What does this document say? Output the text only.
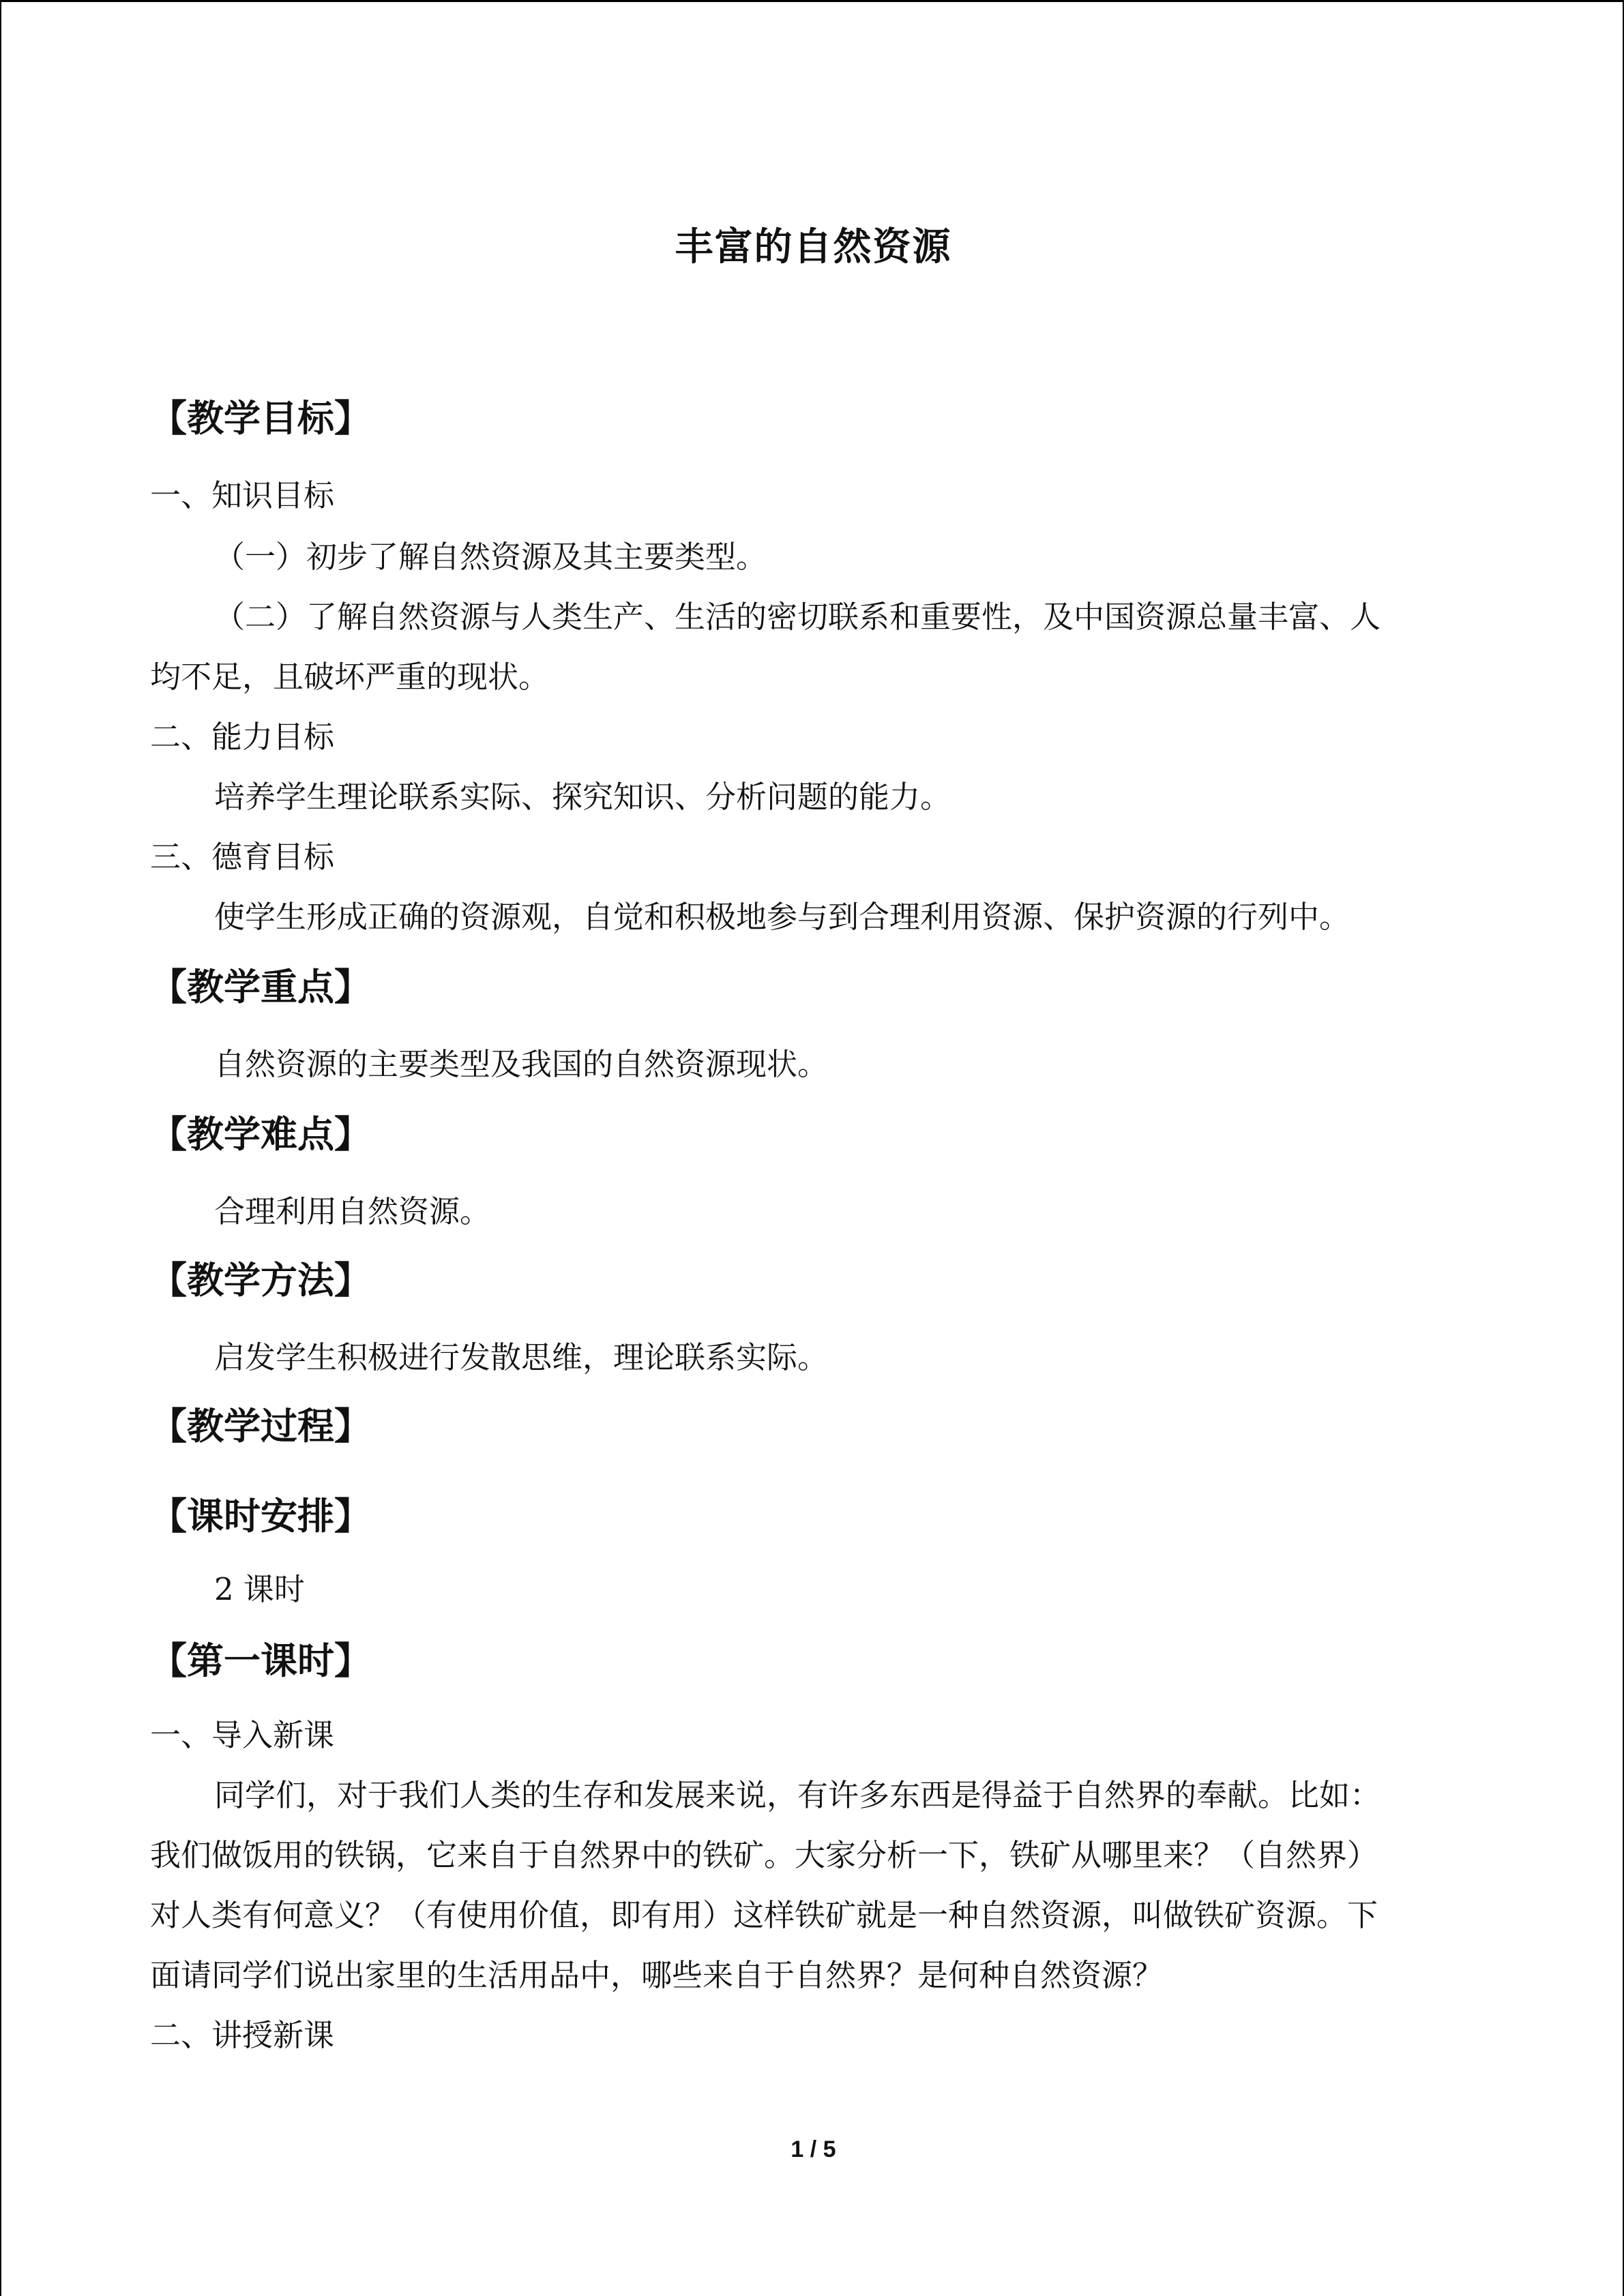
丰富的自然资源
【教学目标】
一、知识目标
（一）初步了解自然资源及其主要类型。
（二）了解自然资源与人类生产、生活的密切联系和重要性，及中国资源总量丰富、人
均不足，且破坏严重的现状。
二、能力目标
培养学生理论联系实际、探究知识、分析问题的能力。
三、德育目标
使学生形成正确的资源观，自觉和积极地参与到合理利用资源、保护资源的行列中。
【教学重点】
自然资源的主要类型及我国的自然资源现状。
【教学难点】
合理利用自然资源。
【教学方法】
启发学生积极进行发散思维，理论联系实际。
【教学过程】
【课时安排】
2 课时
【第一课时】
一、导入新课
同学们，对于我们人类的生存和发展来说，有许多东西是得益于自然界的奉献。比如：
我们做饭用的铁锅，它来自于自然界中的铁矿。大家分析一下，铁矿从哪里来？（自然界）
对人类有何意义？（有使用价值，即有用）这样铁矿就是一种自然资源，叫做铁矿资源。下
面请同学们说出家里的生活用品中，哪些来自于自然界？是何种自然资源？
二、讲授新课
1 / 5
